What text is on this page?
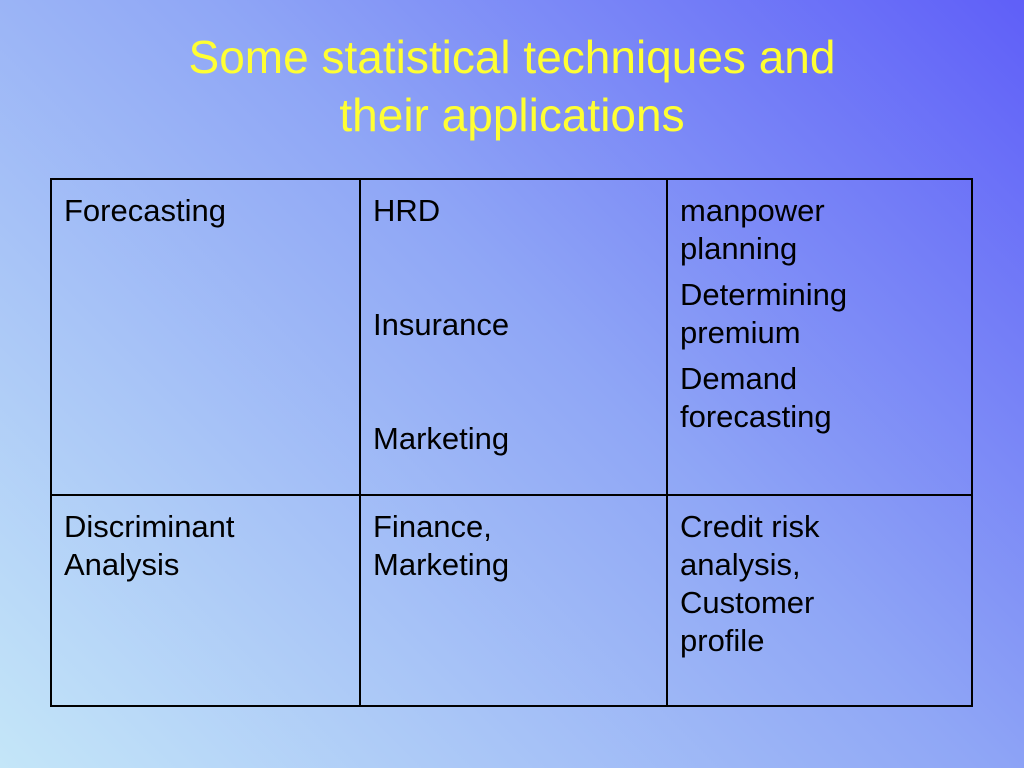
Some statistical techniques and
their applications
Forecasting	HRD
Insurance
Marketing
manpower planning
Determining premium
Demand forecasting
Discriminant Analysis
Finance, Marketing
Credit risk analysis, Customer profile
